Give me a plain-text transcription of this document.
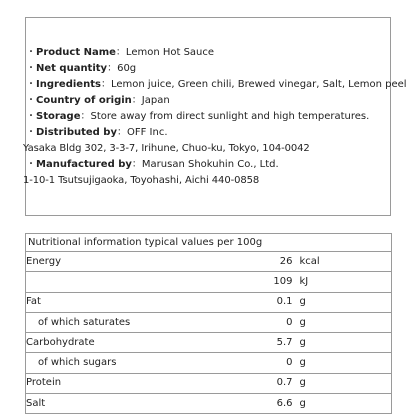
・Product Name：Lemon Hot Sauce
・Net quantity：60g
・Ingredients：Lemon juice, Green chili, Brewed vinegar, Salt, Lemon peel
・Country of origin：Japan
・Storage：Store away from direct sunlight and high temperatures.
・Distributed by：OFF Inc.
Yasaka Bldg 302, 3-3-7, Irihune, Chuo-ku, Tokyo, 104-0042
・Manufactured by：Marusan Shokuhin Co., Ltd.
1-10-1 Tsutsujigaoka, Toyohashi, Aichi 440-0858
Nutritional information typical values per 100g		
Energy	26	kcal
	109	kJ
Fat	0.1	g
of which saturates	0	g
Carbohydrate	5.7	g
of which sugars	0	g
Protein	0.7	g
Salt	6.6	g
